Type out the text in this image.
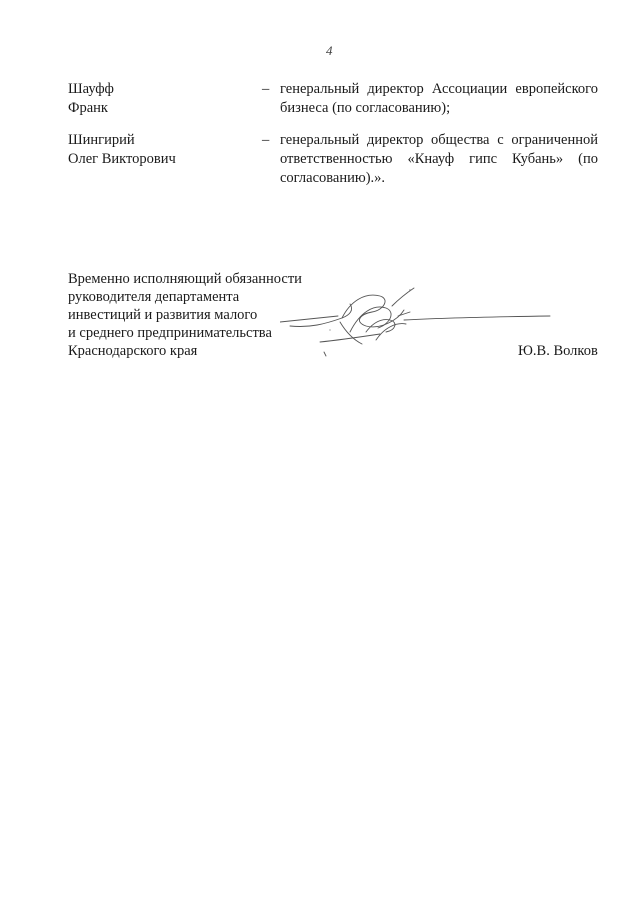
4
Шауфф
Франк
– генеральный директор Ассоциации европейского бизнеса (по согласованию);
Шингирий
Олег Викторович
– генеральный директор общества с ограниченной ответственностью «Кнауф гипс Кубань» (по согласованию).».
Временно исполняющий обязанности
руководителя департамента
инвестиций и развития малого
и среднего предпринимательства
Краснодарского края	Ю.В. Волков
